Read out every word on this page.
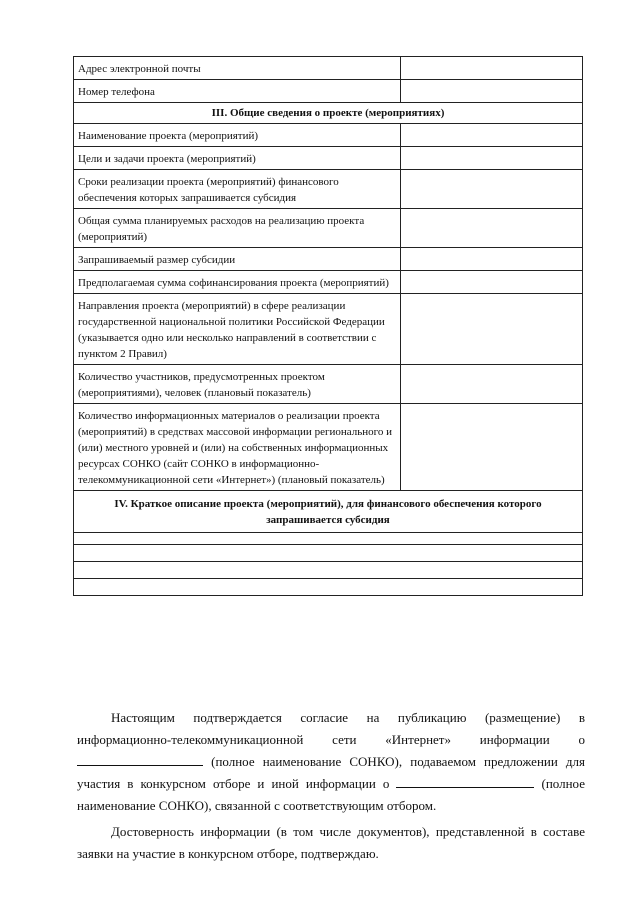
Адрес электронной почты	
Номер телефона	
III. Общие сведения о проекте (мероприятиях)	
Наименование проекта (мероприятий)	
Цели и задачи проекта (мероприятий)	
Сроки реализации проекта (мероприятий) финансового обеспечения которых запрашивается субсидия	
Общая сумма планируемых расходов на реализацию проекта (мероприятий)	
Запрашиваемый размер субсидии	
Предполагаемая сумма софинансирования проекта (мероприятий)	
Направления проекта (мероприятий) в сфере реализации государственной национальной политики Российской Федерации (указывается одно или несколько направлений в соответствии с пунктом 2 Правил)	
Количество участников, предусмотренных проектом (мероприятиями), человек (плановый показатель)	
Количество информационных материалов о реализации проекта (мероприятий) в средствах массовой информации регионального и (или) местного уровней и (или) на собственных информационных ресурсах СОНКО (сайт СОНКО в информационно-телекоммуникационной сети «Интернет») (плановый показатель)	
IV. Краткое описание проекта (мероприятий), для финансового обеспечения которого запрашивается субсидия	

Настоящим подтверждается согласие на публикацию (размещение) в информационно-телекоммуникационной сети «Интернет» информации о  (полное наименование СОНКО), подаваемом предложении для участия в конкурсном отборе и иной информации о	(полное наименование СОНКО), связанной с соответствующим отбором.

Достоверность информации (в том числе документов), представленной в составе заявки на участие в конкурсном отборе, подтверждаю.
